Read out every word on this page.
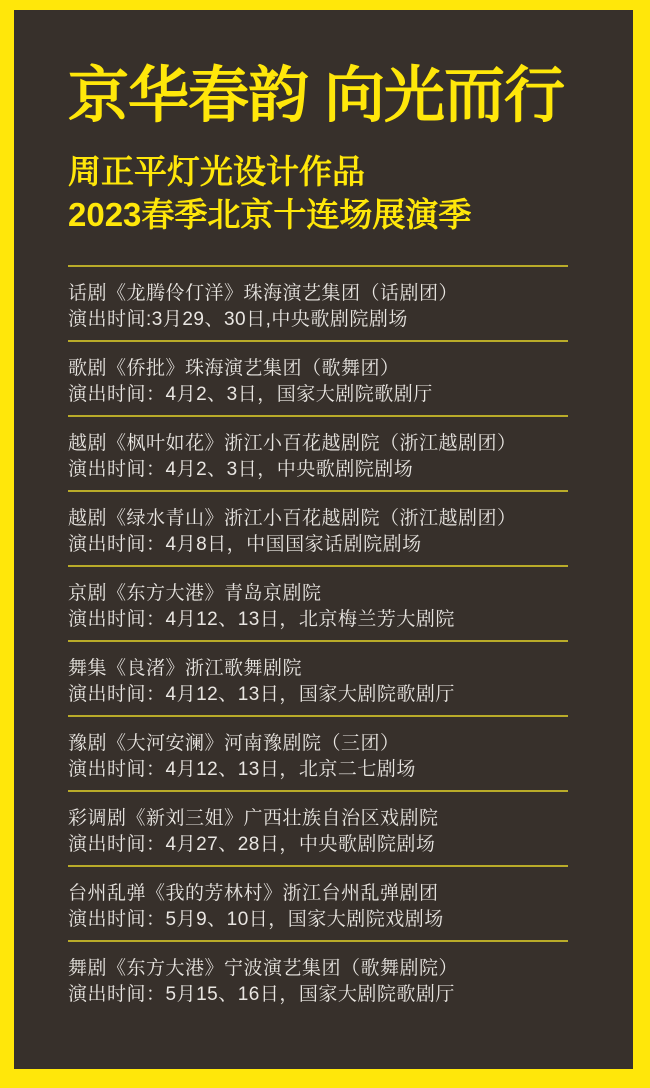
京华春韵 向光而行

周正平灯光设计作品

2023春季北京十连场展演季

话剧《龙腾伶仃洋》珠海演艺集团（话剧团）

演出时间:3月29、30日,中央歌剧院剧场

歌剧《侨批》珠海演艺集团（歌舞团）

演出时间：4月2、3日，国家大剧院歌剧厅

越剧《枫叶如花》浙江小百花越剧院（浙江越剧团）

演出时间：4月2、3日，中央歌剧院剧场

越剧《绿水青山》浙江小百花越剧院（浙江越剧团）

演出时间：4月8日，中国国家话剧院剧场

京剧《东方大港》青岛京剧院

演出时间：4月12、13日，北京梅兰芳大剧院

舞集《良渚》浙江歌舞剧院

演出时间：4月12、13日，国家大剧院歌剧厅

豫剧《大河安澜》河南豫剧院（三团）

演出时间：4月12、13日，北京二七剧场

彩调剧《新刘三姐》广西壮族自治区戏剧院

演出时间：4月27、28日，中央歌剧院剧场

台州乱弹《我的芳林村》浙江台州乱弹剧团

演出时间：5月9、10日，国家大剧院戏剧场

舞剧《东方大港》宁波演艺集团（歌舞剧院）

演出时间：5月15、16日，国家大剧院歌剧厅
